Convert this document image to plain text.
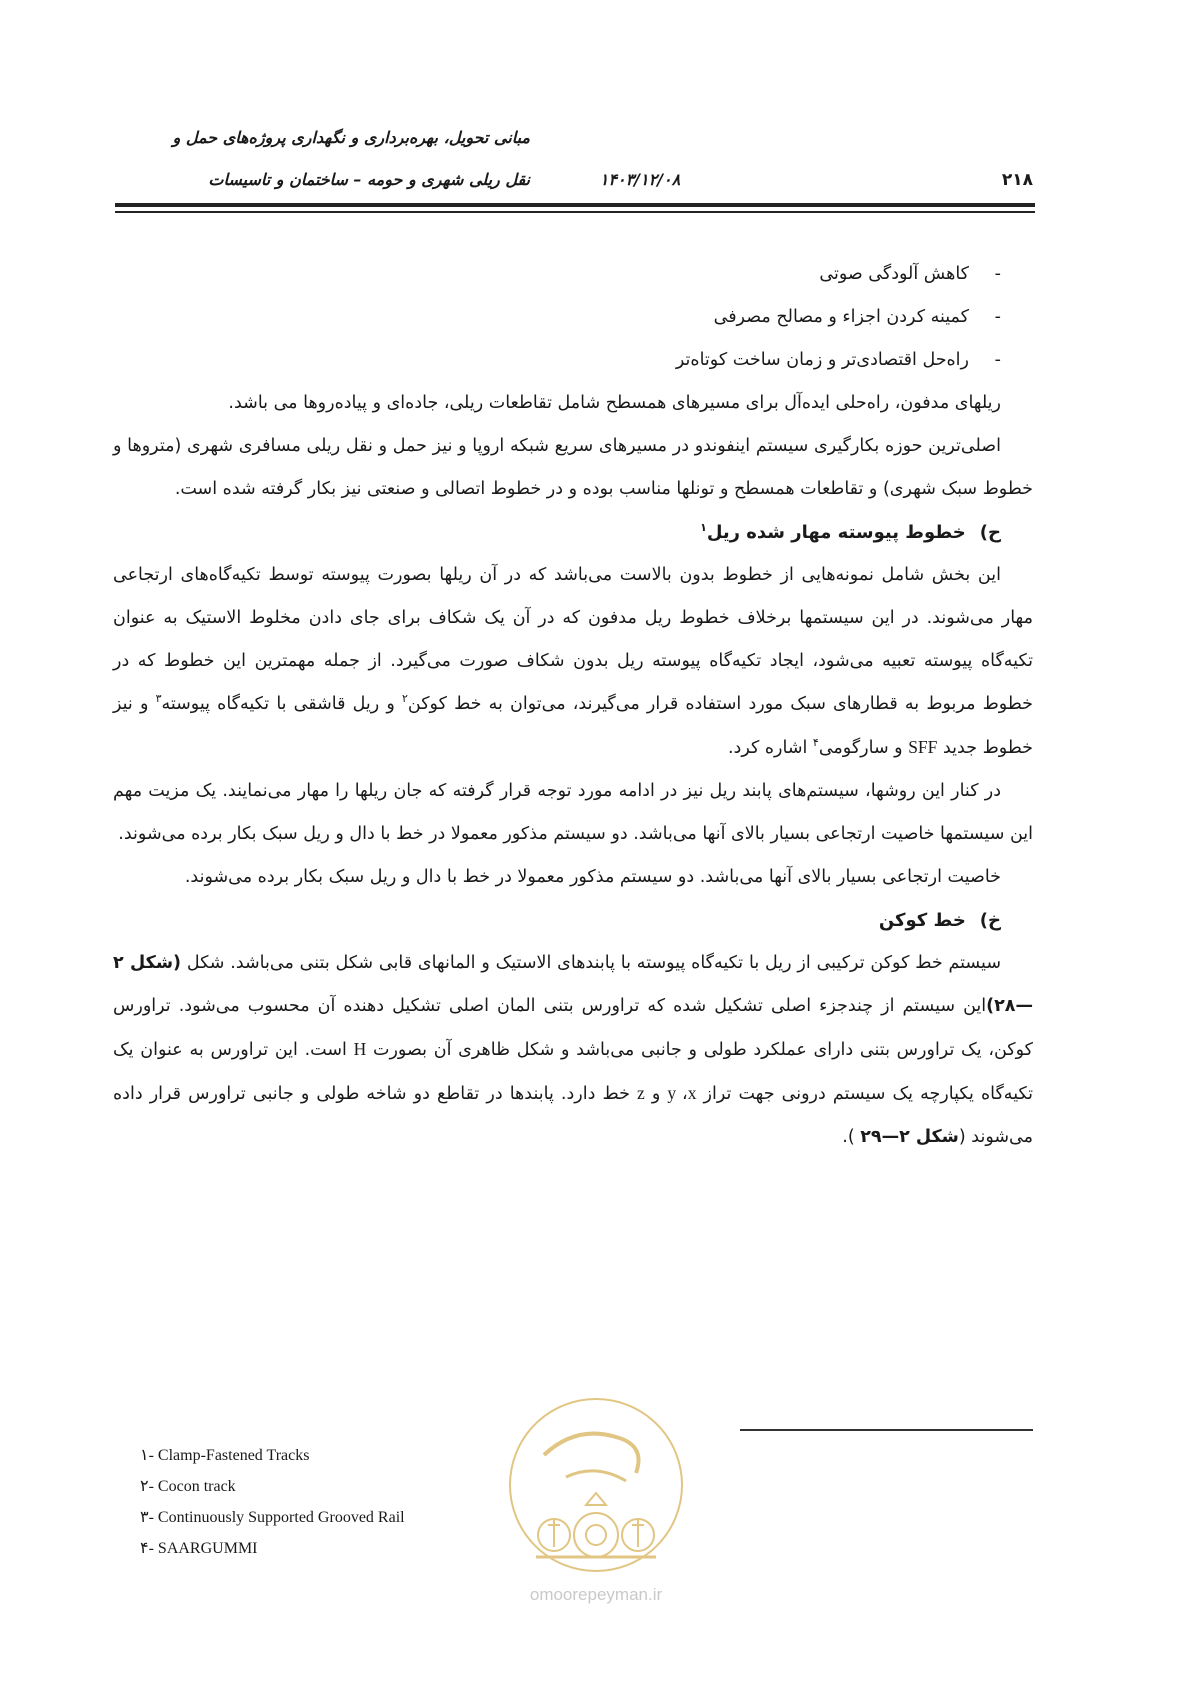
مبانی تحویل، بهره‌برداری و نگهداری پروژه‌های حمل و
نقل ریلی شهری و حومه – ساختمان و تاسیسات	۱۴۰۳/۱۲/۰۸	۲۱۸
-
کاهش آلودگی صوتی
-
کمینه کردن اجزاء و مصالح مصرفی
-
راه‌حل اقتصادی‌تر و زمان ساخت کوتاه‌تر

ریلهای مدفون، راه‌حلی ایده‌آل برای مسیرهای همسطح شامل تقاطعات ریلی، جاده‌ای و پیاده‌روها می باشد.

اصلی‌ترین حوزه بکارگیری سیستم اینفوندو در مسیرهای سریع شبکه اروپا و نیز حمل و نقل ریلی مسافری شهری (متروها و خطوط سبک شهری) و تقاطعات همسطح و تونلها مناسب بوده و در خطوط اتصالی و صنعتی نیز بکار گرفته شده است.

ح)خطوط پیوسته مهار شده ریل$^۱$

این بخش شامل نمونه‌هایی از خطوط بدون بالاست می‌باشد که در آن ریلها بصورت پیوسته توسط تکیه‌گاه‌های ارتجاعی مهار می‌شوند. در این سیستمها برخلاف خطوط ریل مدفون که در آن یک شکاف برای جای دادن مخلوط الاستیک به عنوان تکیه‌گاه پیوسته تعبیه می‌شود، ایجاد تکیه‌گاه پیوسته ریل بدون شکاف صورت می‌گیرد. از جمله مهمترین این خطوط که در خطوط مربوط به قطارهای سبک مورد استفاده قرار می‌گیرند، می‌توان به خط کوکن$^۲$ و ریل قاشقی با تکیه‌گاه پیوسته$^۳$ و نیز خطوط جدید SFF و سارگومی$^۴$ اشاره کرد.

در کنار این روشها، سیستم‌های پابند ریل نیز در ادامه مورد توجه قرار گرفته که جان ریلها را مهار می‌نمایند. یک مزیت مهم این سیستمها خاصیت ارتجاعی بسیار بالای آنها می‌باشد. دو سیستم مذکور معمولا در خط با دال و ریل سبک بکار برده می‌شوند.

خاصیت ارتجاعی بسیار بالای آنها می‌باشد. دو سیستم مذکور معمولا در خط با دال و ریل سبک بکار برده می‌شوند.

خ)خط کوکن

سیستم خط کوکن ترکیبی از ریل با تکیه‌گاه پیوسته با پابندهای الاستیک و المانهای قابی شکل بتنی می‌باشد. شکل (شکل ۲—۲۸)این سیستم از چندجزء اصلی تشکیل شده که تراورس بتنی المان اصلی تشکیل دهنده آن محسوب می‌شود. تراورس کوکن، یک تراورس بتنی دارای عملکرد طولی و جانبی می‌باشد و شکل ظاهری آن بصورت H است. این تراورس به عنوان یک تکیه‌گاه یکپارچه یک سیستم درونی جهت تراز y ،x و z خط دارد. پابندها در تقاطع دو شاخه طولی و جانبی تراورس قرار داده می‌شوند (شکل ۲—۲۹ ).

omoorepeyman.ir
۱- Clamp-Fastened Tracks
۲- Cocon track
۳- Continuously Supported Grooved Rail
۴- SAARGUMMI
